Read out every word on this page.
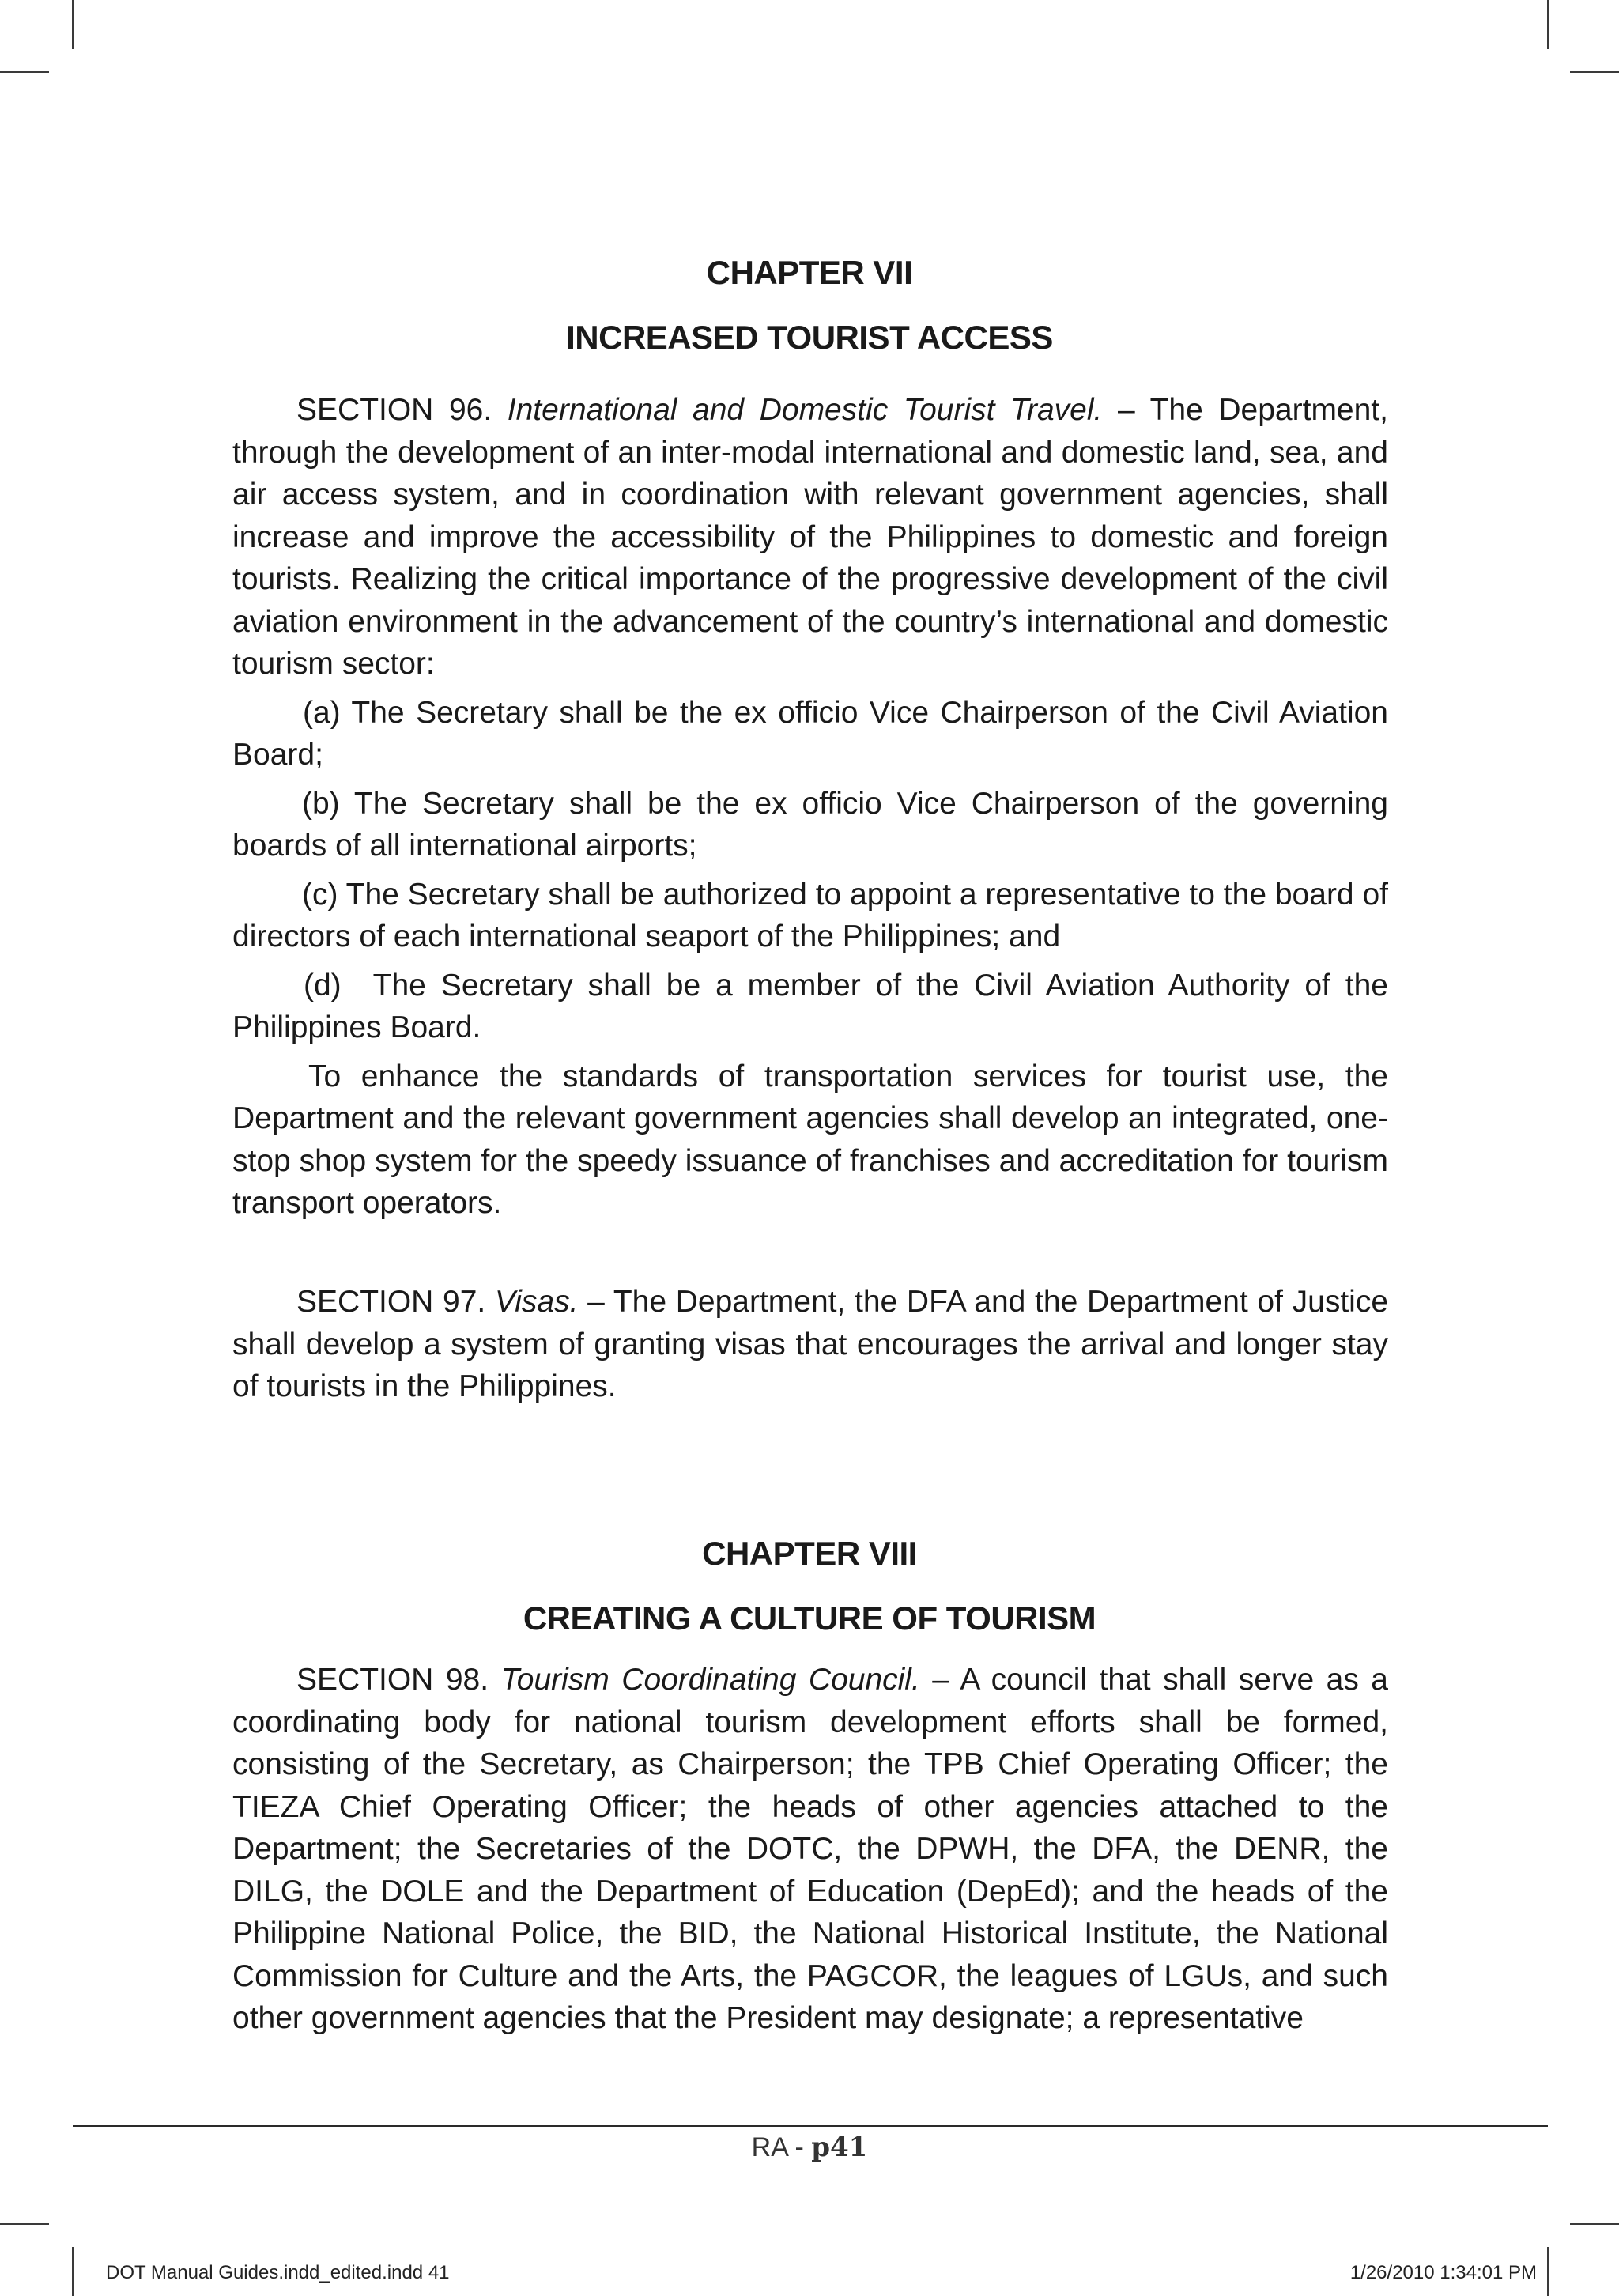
CHAPTER VII
INCREASED TOURIST ACCESS

SECTION 96. International and Domestic Tourist Travel. – The Department, through the development of an inter-modal international and domestic land, sea, and air access system, and in coordination with relevant government agencies, shall increase and improve the accessibility of the Philippines to domestic and foreign tourists. Realizing the critical importance of the progressive development of the civil aviation environment in the advancement of the country’s international and domestic tourism sector:

(a) The Secretary shall be the ex officio Vice Chairperson of the Civil Aviation Board;

(b) The Secretary shall be the ex officio Vice Chairperson of the governing boards of all international airports;

(c) The Secretary shall be authorized to appoint a representative to the board of directors of each international seaport of the Philippines; and

(d) The Secretary shall be a member of the Civil Aviation Authority of the Philippines Board.

To enhance the standards of transportation services for tourist use, the Department and the relevant government agencies shall develop an integrated, one-stop shop system for the speedy issuance of franchises and accreditation for tourism transport operators.

SECTION 97. Visas. – The Department, the DFA and the Department of Justice shall develop a system of granting visas that encourages the arrival and longer stay of tourists in the Philippines.

CHAPTER VIII
CREATING A CULTURE OF TOURISM

SECTION 98. Tourism Coordinating Council. – A council that shall serve as a coordinating body for national tourism development efforts shall be formed, consisting of the Secretary, as Chairperson; the TPB Chief Operating Officer; the TIEZA Chief Operating Officer; the heads of other agencies attached to the Department; the Secretaries of the DOTC, the DPWH, the DFA, the DENR, the DILG, the DOLE and the Department of Education (DepEd); and the heads of the Philippine National Police, the BID, the National Historical Institute, the National Commission for Culture and the Arts, the PAGCOR, the leagues of LGUs, and such other government agencies that the President may designate; a representative

RA - p41
DOT Manual Guides.indd_edited.indd 41	1/26/2010 1:34:01 PM
